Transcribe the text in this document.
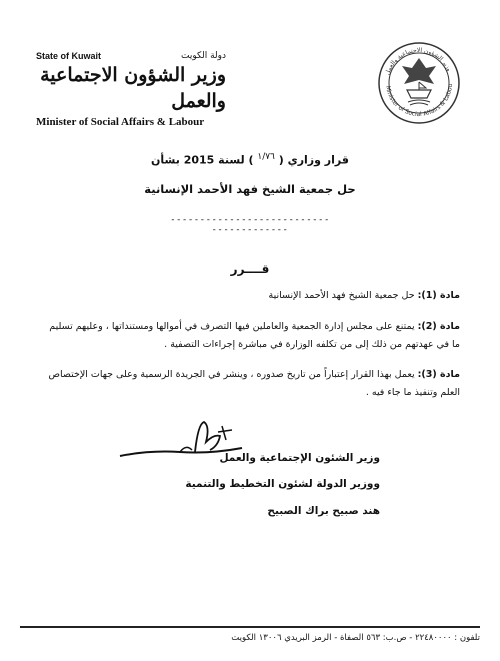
State of Kuwait	دولة الكويت
وزير الشؤون الاجتماعية والعمل
Minister of Social Affairs & Labour
Minister of Social Affairs & Labou
وزير الشؤون الاجتماعية والعمل
قرار وزاري ( $^{١/٧٦}$ ) لسنة 2015 بشأن
حل جمعية الشيخ فهد الأحمد الإنسانية
----------------------------------------
قــــرر
مادة (1): حل جمعية الشيخ فهد الأحمد الإنسانية
مادة (2): يمتنع على مجلس إدارة الجمعية والعاملين فيها التصرف في أموالها ومستنداتها ، وعليهم تسليم ما في عهدتهم من ذلك إلى من تكلفه الوزارة في مباشرة إجراءات التصفية .
مادة (3): يعمل بهذا القرار إعتباراً من تاريخ صدوره ، وينشر في الجريدة الرسمية وعلى جهات الإختصاص العلم وتنفيذ ما جاء فيه .
وزير الشئون الإجتماعية والعمل
ووزير الدولة لشئون التخطيط والتنمية
هند صبيح براك الصبيح
تلفون : ٢٢٤٨٠٠٠٠ - ص.ب: ٥٦٣ الصفاة - الرمز البريدي ١٣٠٠٦ الكويت
